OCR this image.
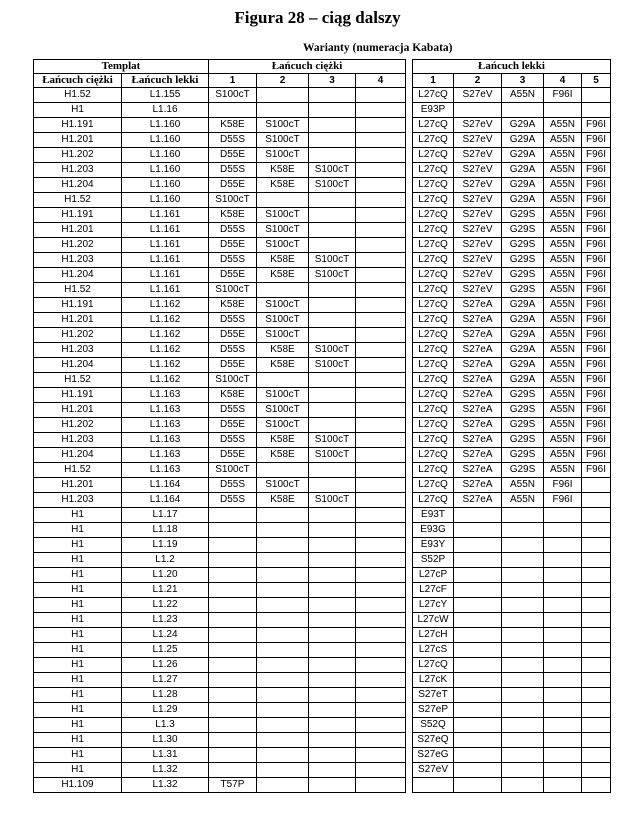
Figura 28 – ciąg dalszy
Warianty (numeracja Kabata)
Templat		Łańcuch ciężki					Łańcuch lekki				
Łańcuch ciężki	Łańcuch lekki	1	2	3	4		1	2	3	4	5
H1.52	L1.155	S100cT					L27cQ	S27eV	A55N	F96I	
H1	L1.16						E93P				
H1.191	L1.160	K58E	S100cT				L27cQ	S27eV	G29A	A55N	F96I
H1.201	L1.160	D55S	S100cT				L27cQ	S27eV	G29A	A55N	F96I
H1.202	L1.160	D55E	S100cT				L27cQ	S27eV	G29A	A55N	F96I
H1.203	L1.160	D55S	K58E	S100cT			L27cQ	S27eV	G29A	A55N	F96I
H1.204	L1.160	D55E	K58E	S100cT			L27cQ	S27eV	G29A	A55N	F96I
H1.52	L1.160	S100cT					L27cQ	S27eV	G29A	A55N	F96I
H1.191	L1.161	K58E	S100cT				L27cQ	S27eV	G29S	A55N	F96I
H1.201	L1.161	D55S	S100cT				L27cQ	S27eV	G29S	A55N	F96I
H1.202	L1.161	D55E	S100cT				L27cQ	S27eV	G29S	A55N	F96I
H1.203	L1.161	D55S	K58E	S100cT			L27cQ	S27eV	G29S	A55N	F96I
H1.204	L1.161	D55E	K58E	S100cT			L27cQ	S27eV	G29S	A55N	F96I
H1.52	L1.161	S100cT					L27cQ	S27eV	G29S	A55N	F96I
H1.191	L1.162	K58E	S100cT				L27cQ	S27eA	G29A	A55N	F96I
H1.201	L1.162	D55S	S100cT				L27cQ	S27eA	G29A	A55N	F96I
H1.202	L1.162	D55E	S100cT				L27cQ	S27eA	G29A	A55N	F96I
H1.203	L1.162	D55S	K58E	S100cT			L27cQ	S27eA	G29A	A55N	F96I
H1.204	L1.162	D55E	K58E	S100cT			L27cQ	S27eA	G29A	A55N	F96I
H1.52	L1.162	S100cT					L27cQ	S27eA	G29A	A55N	F96I
H1.191	L1.163	K58E	S100cT				L27cQ	S27eA	G29S	A55N	F96I
H1.201	L1.163	D55S	S100cT				L27cQ	S27eA	G29S	A55N	F96I
H1.202	L1.163	D55E	S100cT				L27cQ	S27eA	G29S	A55N	F96I
H1.203	L1.163	D55S	K58E	S100cT			L27cQ	S27eA	G29S	A55N	F96I
H1.204	L1.163	D55E	K58E	S100cT			L27cQ	S27eA	G29S	A55N	F96I
H1.52	L1.163	S100cT					L27cQ	S27eA	G29S	A55N	F96I
H1.201	L1.164	D55S	S100cT				L27cQ	S27eA	A55N	F96I	
H1.203	L1.164	D55S	K58E	S100cT			L27cQ	S27eA	A55N	F96I	
H1	L1.17						E93T				
H1	L1.18						E93G				
H1	L1.19						E93Y				
H1	L1.2						S52P				
H1	L1.20						L27cP				
H1	L1.21						L27cF				
H1	L1.22						L27cY				
H1	L1.23						L27cW				
H1	L1.24						L27cH				
H1	L1.25						L27cS				
H1	L1.26						L27cQ				
H1	L1.27						L27cK				
H1	L1.28						S27eT				
H1	L1.29						S27eP				
H1	L1.3						S52Q				
H1	L1.30						S27eQ				
H1	L1.31						S27eG				
H1	L1.32						S27eV				
H1.109	L1.32	T57P									
